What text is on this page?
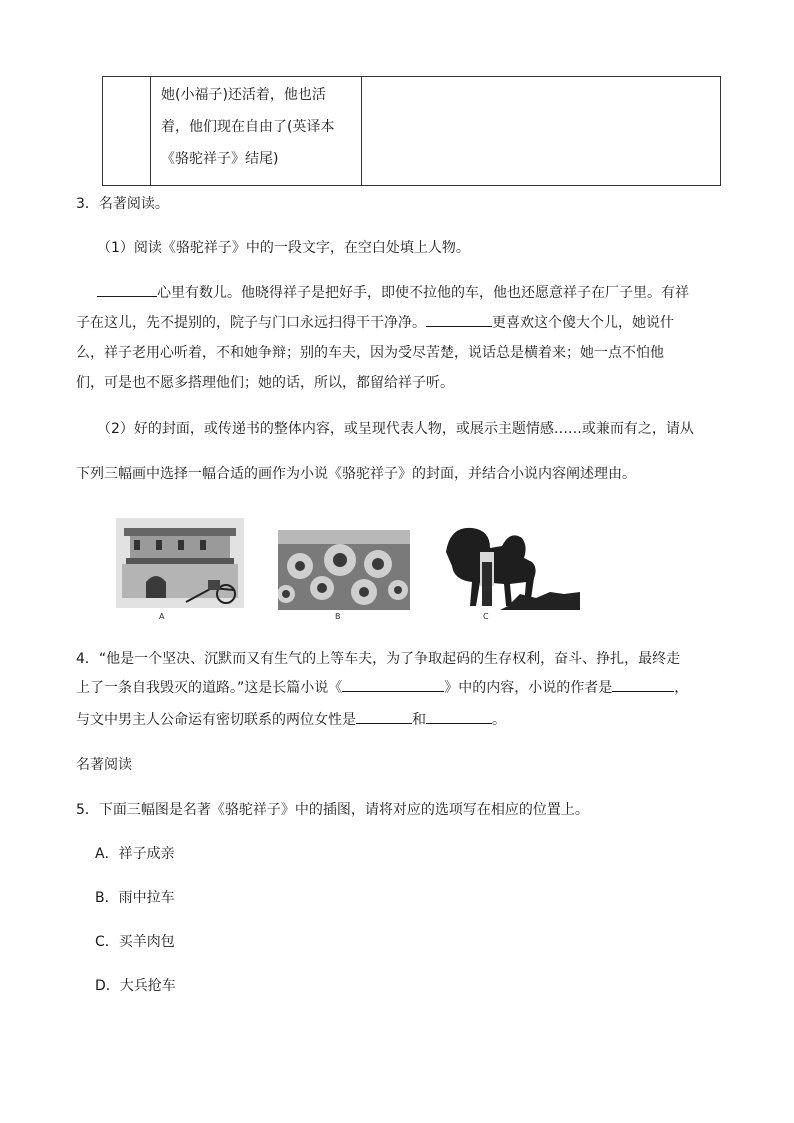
她(小福子)还活着，他也活

着，他们现在自由了(英译本

《骆驼祥子》结尾)

3．名著阅读。
（1）阅读《骆驼祥子》中的一段文字，在空白处填上人物。
心里有数儿。他晓得祥子是把好手，即使不拉他的车，他也还愿意祥子在厂子里。有祥
子在这儿，先不提别的，院子与门口永远扫得干干净净。	更喜欢这个傻大个儿，她说什
么，祥子老用心听着，不和她争辩；别的车夫，因为受尽苦楚，说话总是横着来；她一点不怕他
们，可是也不愿多搭理他们；她的话，所以，都留给祥子听。
（2）好的封面，或传递书的整体内容，或呈现代表人物，或展示主题情感……或兼而有之，请从
下列三幅画中选择一幅合适的画作为小说《骆驼祥子》的封面，并结合小说内容阐述理由。
A	B	C
4．“他是一个坚决、沉默而又有生气的上等车夫，为了争取起码的生存权利，奋斗、挣扎，最终走
上了一条自我毁灭的道路。”这是长篇小说《	》中的内容，小说的作者是	，
与文中男主人公命运有密切联系的两位女性是	和	。
名著阅读
5．下面三幅图是名著《骆驼祥子》中的插图，请将对应的选项写在相应的位置上。
A．祥子成亲
B．雨中拉车
C．买羊肉包
D．大兵抢车
